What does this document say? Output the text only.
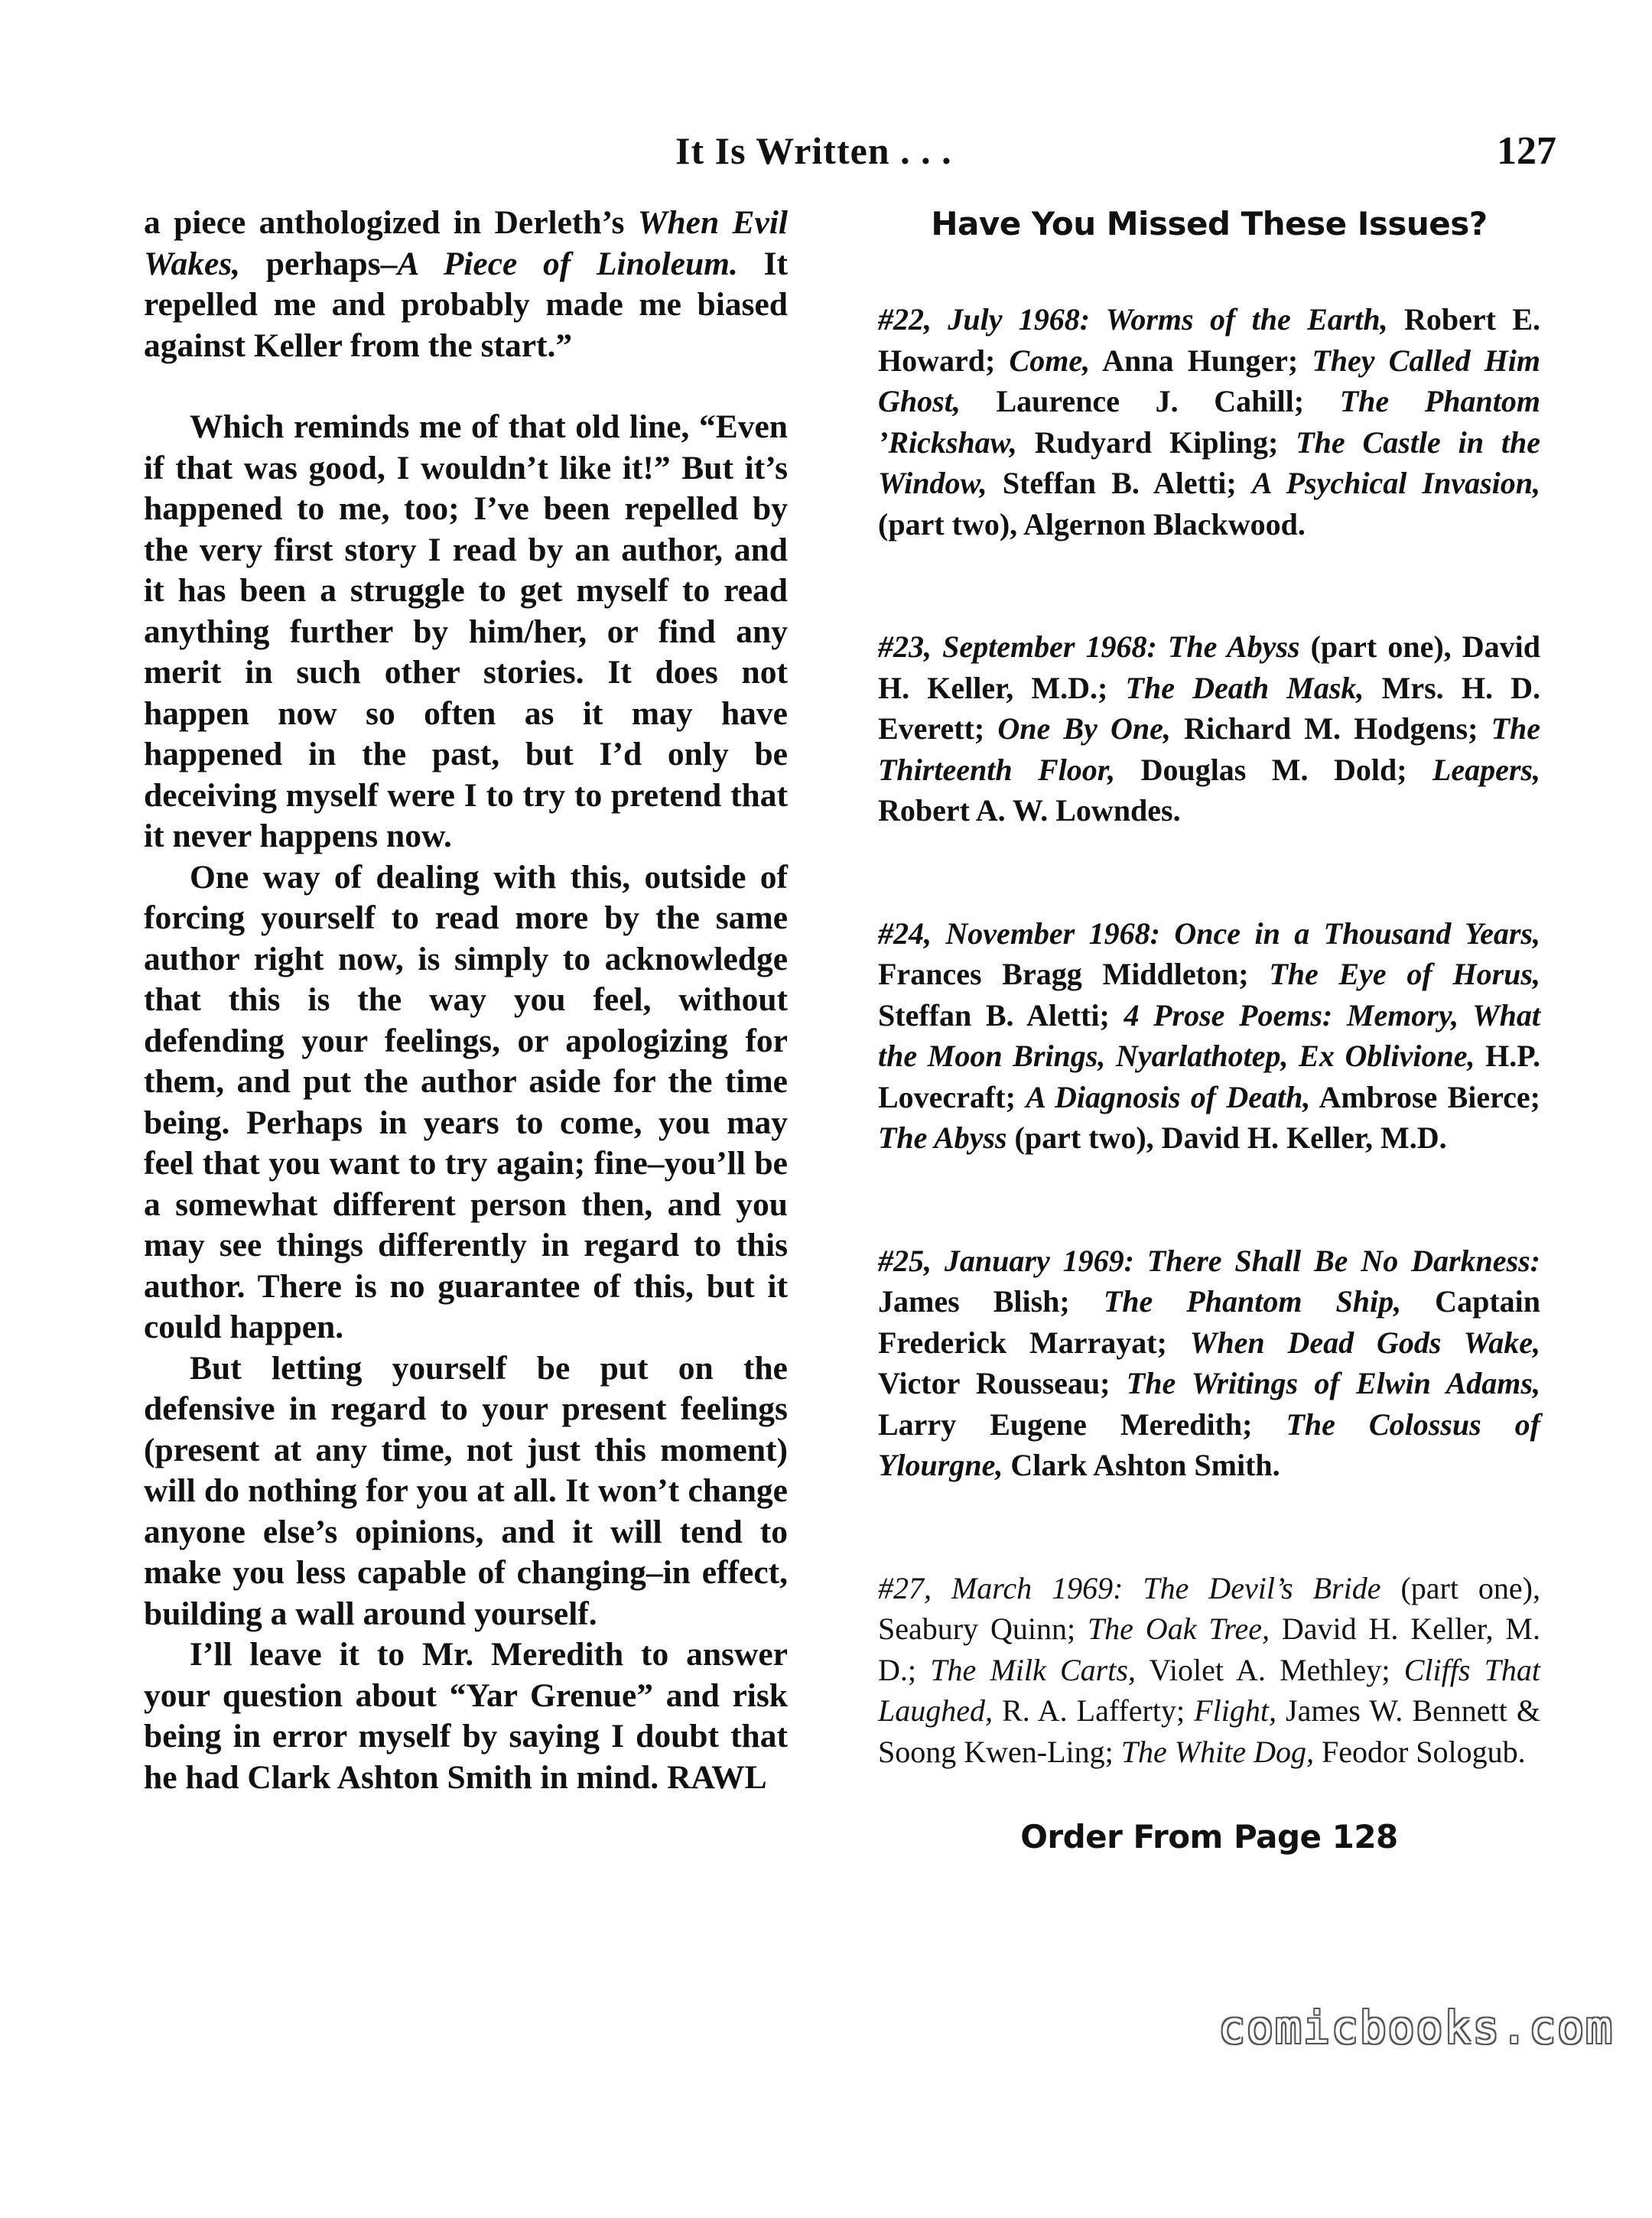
It Is Written . . .	127

a piece anthologized in Derleth’s When Evil Wakes, perhaps–A Piece of Linoleum. It repelled me and probably made me biased against Keller from the start.”

Which reminds me of that old line, “Even if that was good, I wouldn’t like it!” But it’s happened to me, too; I’ve been repelled by the very first story I read by an author, and it has been a struggle to get myself to read anything further by him/her, or find any merit in such other stories. It does not happen now so often as it may have happened in the past, but I’d only be deceiving myself were I to try to pretend that it never happens now.

One way of dealing with this, outside of forcing yourself to read more by the same author right now, is simply to acknowledge that this is the way you feel, without defending your feelings, or apologizing for them, and put the author aside for the time being. Perhaps in years to come, you may feel that you want to try again; fine–you’ll be a somewhat different person then, and you may see things differently in regard to this author. There is no guarantee of this, but it could happen.

But letting yourself be put on the defensive in regard to your present feelings (present at any time, not just this moment) will do nothing for you at all. It won’t change anyone else’s opinions, and it will tend to make you less capable of changing–in effect, building a wall around yourself.

I’ll leave it to Mr. Meredith to answer your question about “Yar Grenue” and risk being in error myself by saying I doubt that he had Clark Ashton Smith in mind. RAWL

Have You Missed These Issues?

#22, July 1968: Worms of the Earth, Robert E. Howard; Come, Anna Hunger; They Called Him Ghost, Laurence J. Cahill; The Phantom ’Rickshaw, Rudyard Kipling; The Castle in the Window, Steffan B. Aletti; A Psychical Invasion, (part two), Algernon Blackwood.

#23, September 1968: The Abyss (part one), David H. Keller, M.D.; The Death Mask, Mrs. H. D. Everett; One By One, Richard M. Hodgens; The Thirteenth Floor, Douglas M. Dold; Leapers, Robert A. W. Lowndes.

#24, November 1968: Once in a Thousand Years, Frances Bragg Middleton; The Eye of Horus, Steffan B. Aletti; 4 Prose Poems: Memory, What the Moon Brings, Nyarlathotep, Ex Oblivione, H.P. Lovecraft; A Diagnosis of Death, Ambrose Bierce; The Abyss (part two), David H. Keller, M.D.

#25, January 1969: There Shall Be No Darkness: James Blish; The Phantom Ship, Captain Frederick Marrayat; When Dead Gods Wake, Victor Rousseau; The Writings of Elwin Adams, Larry Eugene Meredith; The Colossus of Ylourgne, Clark Ashton Smith.

#27, March 1969: The Devil’s Bride (part one), Seabury Quinn; The Oak Tree, David H. Keller, M. D.; The Milk Carts, Violet A. Methley; Cliffs That Laughed, R. A. Lafferty; Flight, James W. Bennett & Soong Kwen-Ling; The White Dog, Feodor Sologub.

Order From Page 128
comicbooks.com
